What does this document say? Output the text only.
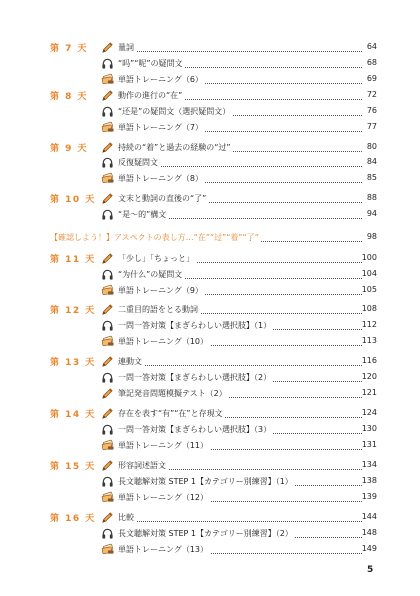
第 7 天	量詞	64
“吗”“呢”の疑問文	68
単語トレーニング（6）	69
第 8 天	動作の進行の“在”	72
“还是”の疑問文（選択疑問文）	76
単語トレーニング（7）	77
第 9 天	持続の“着”と過去の経験の“过”	80
反復疑問文	84
単語トレーニング（8）	85
第 10 天	文末と動詞の直後の“了”	88
“是～的”構文	94
【確認しよう！】アスペクトの表し方…“在”“过”“着”“了”	98
第 11 天	「少し」「ちょっと」	100
“为什么”の疑問文	104
単語トレーニング（9）	105
第 12 天	二重目的語をとる動詞	108
一問一答対策【まぎらわしい選択肢】（1）	112
単語トレーニング（10）	113
第 13 天	連動文	116
一問一答対策【まぎらわしい選択肢】（2）	120
筆記発音問題模擬テスト（2）	121
第 14 天	存在を表す“有”“在”と存現文	124
一問一答対策【まぎらわしい選択肢】（3）	130
単語トレーニング（11）	131
第 15 天	形容詞述語文	134
長文聴解対策 STEP 1【カテゴリー別練習】（1）	138
単語トレーニング（12）	139
第 16 天	比較	144
長文聴解対策 STEP 1【カテゴリー別練習】（2）	148
単語トレーニング（13）	149
5
